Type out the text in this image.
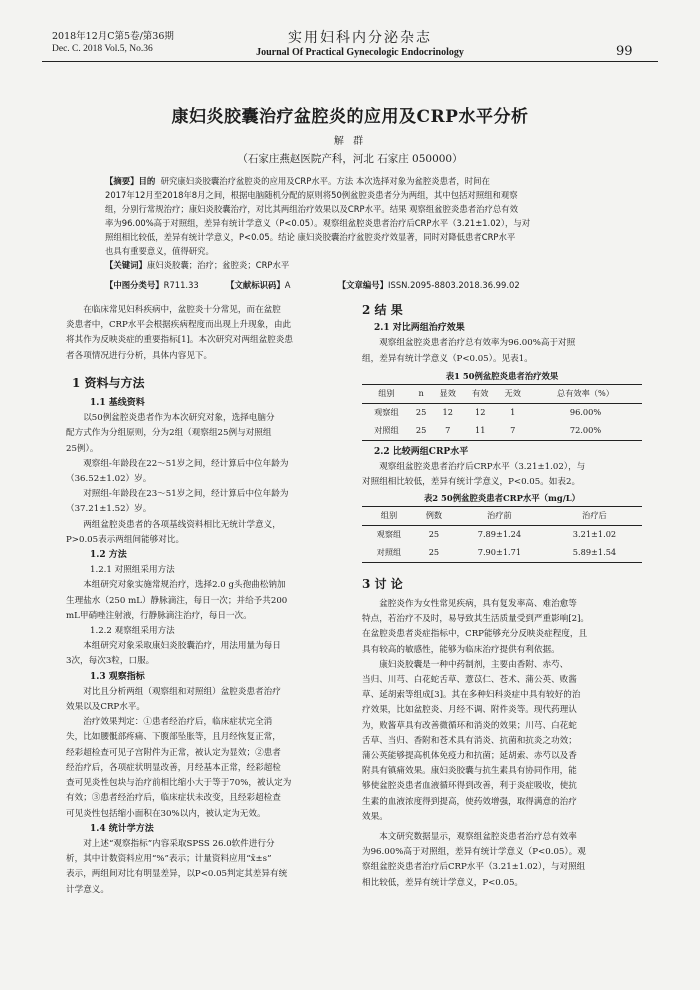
2018年12月C第5卷/第36期
Dec. C. 2018 Vol.5, No.36
实用妇科内分泌杂志
Journal Of Practical Gynecologic Endocrinology	99
康妇炎胶囊治疗盆腔炎的应用及CRP水平分析
解 群
（石家庄燕赵医院产科，河北 石家庄 050000）
【摘要】目的 研究康妇炎胶囊治疗盆腔炎的应用及CRP水平。方法 本次选择对象为盆腔炎患者，时间在
2017年12月至2018年8月之间，根据电脑随机分配的原则将50例盆腔炎患者分为两组，其中包括对照组和观察
组，分别行常规治疗；康妇炎胶囊治疗，对比其两组治疗效果以及CRP水平。结果 观察组盆腔炎患者治疗总有效
率为96.00%高于对照组，差异有统计学意义（P<0.05）。观察组盆腔炎患者治疗后CRP水平（3.21±1.02），与对
照组相比较低，差异有统计学意义，P<0.05。结论 康妇炎胶囊治疗盆腔炎疗效显著，同时对降低患者CRP水平
也具有重要意义，值得研究。
【关键词】康妇炎胶囊；治疗；盆腔炎；CRP水平
【中图分类号】R711.33	【文献标识码】A	【文章编号】ISSN.2095-8803.2018.36.99.02

在临床常见妇科疾病中，盆腔炎十分常见，而在盆腔

炎患者中，CRP水平会根据疾病程度而出现上升现象，由此
将其作为反映炎症的重要指标[1]。本次研究对两组盆腔炎患
者各项情况进行分析，具体内容见下。
1 资料与方法
1.1 基线资料

以50例盆腔炎患者作为本次研究对象，选择电脑分

配方式作为分组原则，分为2组（观察组25例与对照组
25例）。

观察组-年龄段在22～51岁之间，经计算后中位年龄为

（36.52±1.02）岁。

对照组-年龄段在23～51岁之间，经计算后中位年龄为

（37.21±1.52）岁。

两组盆腔炎患者的各项基线资料相比无统计学意义，

P>0.05表示两组间能够对比。
1.2 方法
1.2.1 对照组采用方法

本组研究对象实施常规治疗，选择2.0 g头孢曲松钠加

生理盐水（250 mL）静脉滴注，每日一次；并给予共200
mL甲硝唑注射液，行静脉滴注治疗，每日一次。
1.2.2 观察组采用方法

本组研究对象采取康妇炎胶囊治疗，用法用量为每日

3次，每次3粒，口服。
1.3 观察指标

对比且分析两组（观察组和对照组）盆腔炎患者治疗

效果以及CRP水平。

治疗效果判定：①患者经治疗后，临床症状完全消

失，比如腰骶部疼痛、下腹部坠胀等，且月经恢复正常，
经彩超检查可见子宫附件为正常，被认定为显效；②患者
经治疗后，各项症状明显改善，月经基本正常，经彩超检
查可见炎性包块与治疗前相比缩小大于等于70%，被认定为
有效；③患者经治疗后，临床症状未改变，且经彩超检查
可见炎性包括缩小面积在30%以内，被认定为无效。
1.4 统计学方法

对上述“观察指标”内容采取SPSS 26.0软件进行分

析，其中计数资料应用“%”表示；计量资料应用“x̄±s”
表示，两组间对比有明显差异，以P<0.05判定其差异有统
计学意义。
2 结 果
2.1 对比两组治疗效果

观察组盆腔炎患者治疗总有效率为96.00%高于对照

组，差异有统计学意义（P<0.05）。见表1。
表1 50例盆腔炎患者治疗效果
组别	n	显效	有效	无效	总有效率（%）
观察组	25	12	12	1	96.00%
对照组	25	7	11	7	72.00%
2.2 比较两组CRP水平

观察组盆腔炎患者治疗后CRP水平（3.21±1.02），与

对照组相比较低，差异有统计学意义，P<0.05。如表2。
表2 50例盆腔炎患者CRP水平（mg/L）
组别	例数	治疗前	治疗后
观察组	25	7.89±1.24	3.21±1.02
对照组	25	7.90±1.71	5.89±1.54
3 讨 论

盆腔炎作为女性常见疾病，具有复发率高、难治愈等

特点，若治疗不及时，易导致其生活质量受到严重影响[2]。
在盆腔炎患者炎症指标中，CRP能够充分反映炎症程度，且
具有较高的敏感性，能够为临床治疗提供有利依据。

康妇炎胶囊是一种中药制剂，主要由香附、赤芍、

当归、川芎、白花蛇舌草、薏苡仁、苍术、蒲公英、败酱
草、延胡索等组成[3]。其在多种妇科炎症中具有较好的治
疗效果，比如盆腔炎、月经不调、附件炎等。现代药理认
为，败酱草具有改善微循环和消炎的效果；川芎、白花蛇
舌草、当归、香附和苍术具有消炎、抗菌和抗炎之功效；
蒲公英能够提高机体免疫力和抗菌；延胡索、赤芍以及香
附具有镇痛效果。康妇炎胶囊与抗生素具有协同作用，能
够使盆腔炎患者血液循环得到改善，利于炎症吸收，使抗
生素的血液浓度得到提高，使药效增强，取得满意的治疗
效果。

本文研究数据显示，观察组盆腔炎患者治疗总有效率

为96.00%高于对照组，差异有统计学意义（P<0.05）。观
察组盆腔炎患者治疗后CRP水平（3.21±1.02），与对照组
相比较低，差异有统计学意义，P<0.05。
